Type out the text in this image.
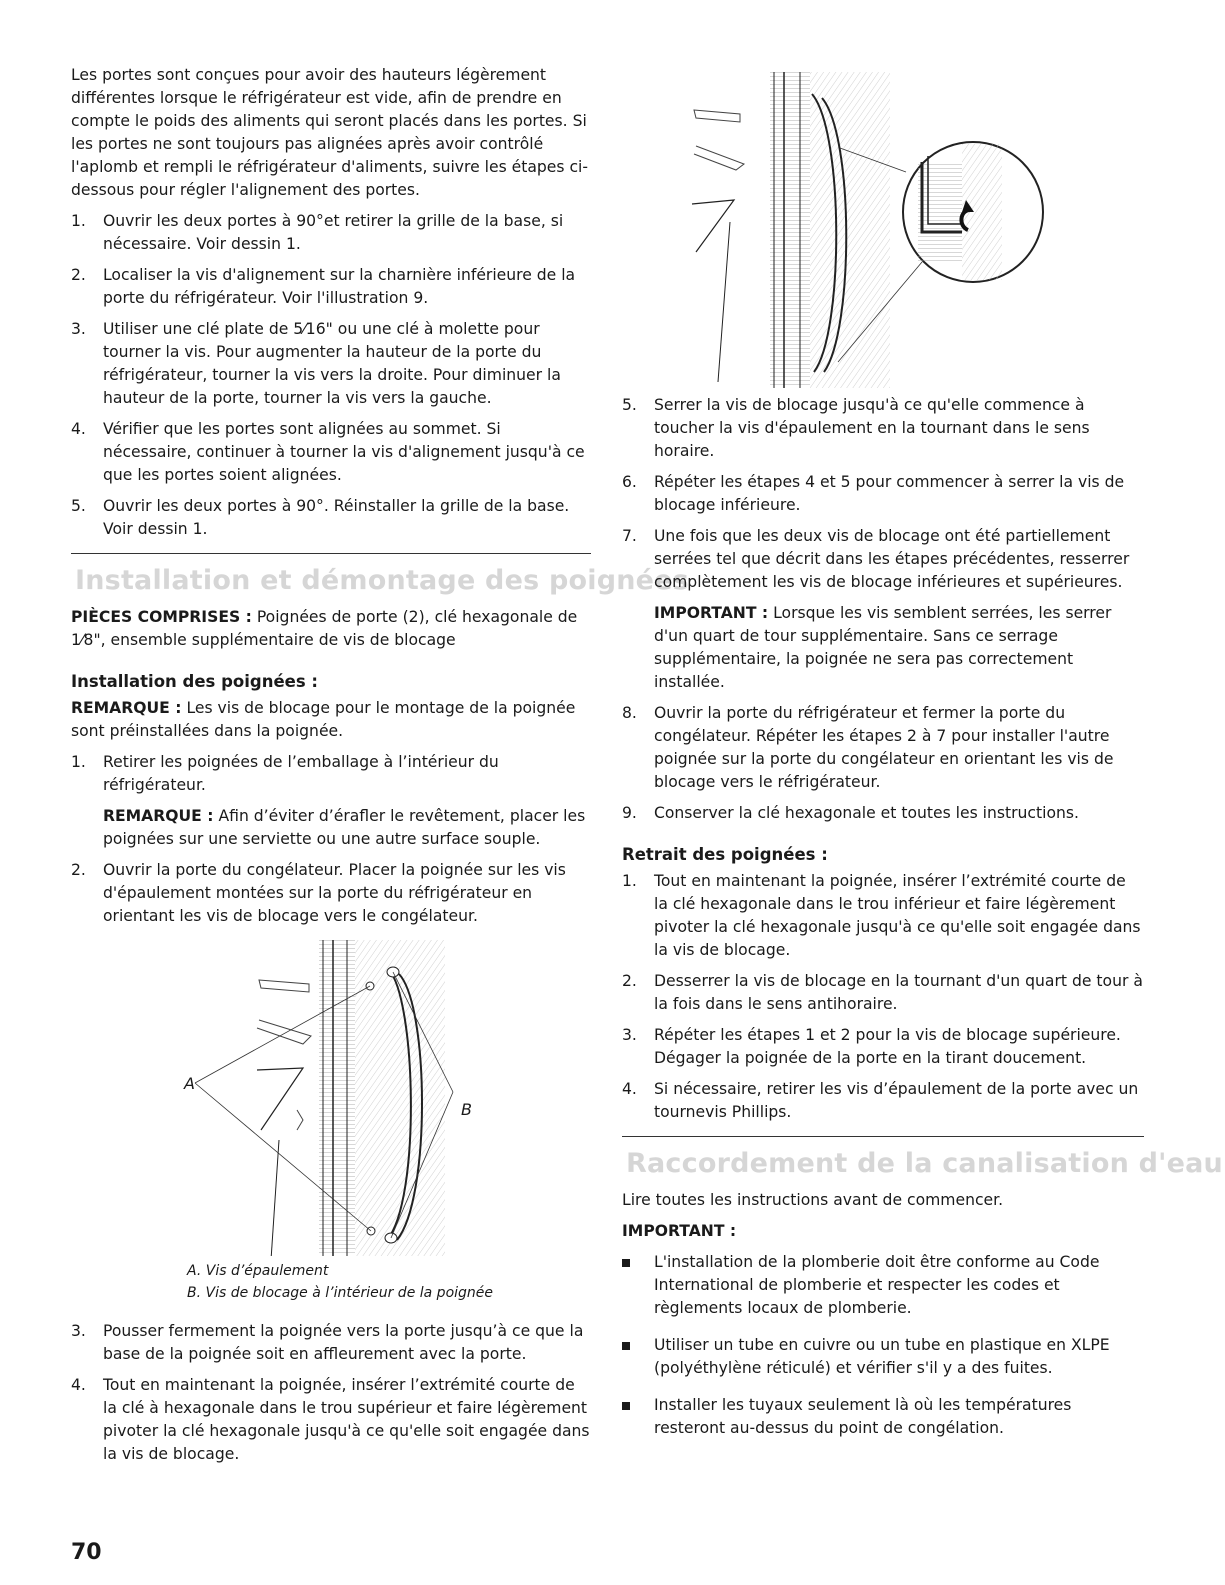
Les portes sont conçues pour avoir des hauteurs légèrement différentes lorsque le réfrigérateur est vide, afin de prendre en compte le poids des aliments qui seront placés dans les portes. Si les portes ne sont toujours pas alignées après avoir contrôlé l'aplomb et rempli le réfrigérateur d'aliments, suivre les étapes ci-dessous pour régler l'alignement des portes.

1.	Ouvrir les deux portes à 90°et retirer la grille de la base, si nécessaire. Voir dessin 1.
2.	Localiser la vis d'alignement sur la charnière inférieure de la porte du réfrigérateur. Voir l'illustration 9.
3.	Utiliser une clé plate de 5⁄16" ou une clé à molette pour tourner la vis. Pour augmenter la hauteur de la porte du réfrigérateur, tourner la vis vers la droite. Pour diminuer la hauteur de la porte, tourner la vis vers la gauche.
4.	Vérifier que les portes sont alignées au sommet. Si nécessaire, continuer à tourner la vis d'alignement jusqu'à ce que les portes soient alignées.
5.	Ouvrir les deux portes à 90°. Réinstaller la grille de la base. Voir dessin 1.
Installation et démontage des poignées

PIÈCES COMPRISES : Poignées de porte (2), clé hexagonale de 1⁄8", ensemble supplémentaire de vis de blocage

Installation des poignées :

REMARQUE : Les vis de blocage pour le montage de la poignée sont préinstallées dans la poignée.

1.	Retirer les poignées de l’emballage à l’intérieur du réfrigérateur.

REMARQUE : Afin d’éviter d’érafler le revêtement, placer les poignées sur une serviette ou une autre surface souple.

2.	Ouvrir la porte du congélateur. Placer la poignée sur les vis d'épaulement montées sur la porte du réfrigérateur en orientant les vis de blocage vers le congélateur.
A
B
A. Vis d’épaulement
B. Vis de blocage à l’intérieur de la poignée
3.	Pousser fermement la poignée vers la porte jusqu’à ce que la base de la poignée soit en affleurement avec la porte.
4.	Tout en maintenant la poignée, insérer l’extrémité courte de la clé à hexagonale dans le trou supérieur et faire légèrement pivoter la clé hexagonale jusqu'à ce qu'elle soit engagée dans la vis de blocage.
5.	Serrer la vis de blocage jusqu'à ce qu'elle commence à toucher la vis d'épaulement en la tournant dans le sens horaire.
6.	Répéter les étapes 4 et 5 pour commencer à serrer la vis de blocage inférieure.
7.	Une fois que les deux vis de blocage ont été partiellement serrées tel que décrit dans les étapes précédentes, resserrer complètement les vis de blocage inférieures et supérieures.

IMPORTANT : Lorsque les vis semblent serrées, les serrer d'un quart de tour supplémentaire. Sans ce serrage supplémentaire, la poignée ne sera pas correctement installée.

8.	Ouvrir la porte du réfrigérateur et fermer la porte du congélateur. Répéter les étapes 2 à 7 pour installer l'autre poignée sur la porte du congélateur en orientant les vis de blocage vers le réfrigérateur.
9.	Conserver la clé hexagonale et toutes les instructions.
Retrait des poignées :
1.	Tout en maintenant la poignée, insérer l’extrémité courte de la clé hexagonale dans le trou inférieur et faire légèrement pivoter la clé hexagonale jusqu'à ce qu'elle soit engagée dans la vis de blocage.
2.	Desserrer la vis de blocage en la tournant d'un quart de tour à la fois dans le sens antihoraire.
3.	Répéter les étapes 1 et 2 pour la vis de blocage supérieure. Dégager la poignée de la porte en la tirant doucement.
4.	Si nécessaire, retirer les vis d’épaulement de la porte avec un tournevis Phillips.
Raccordement de la canalisation d'eau

Lire toutes les instructions avant de commencer.

IMPORTANT :

L'installation de la plomberie doit être conforme au Code International de plomberie et respecter les codes et règlements locaux de plomberie.
Utiliser un tube en cuivre ou un tube en plastique en XLPE (polyéthylène réticulé) et vérifier s'il y a des fuites.
Installer les tuyaux seulement là où les températures resteront au-dessus du point de congélation.
70
